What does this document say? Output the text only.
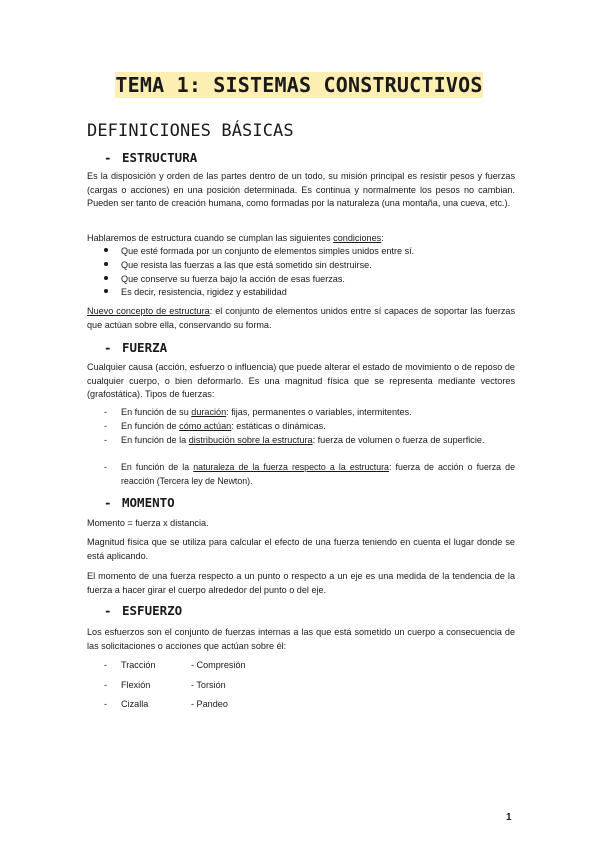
TEMA 1: SISTEMAS CONSTRUCTIVOS
DEFINICIONES BÁSICAS
- ESTRUCTURA

Es la disposición y orden de las partes dentro de un todo, su misión principal es resistir pesos y fuerzas (cargas o acciones) en una posición determinada. Es continua y normalmente los pesos no cambian. Pueden ser tanto de creación humana, como formadas por la naturaleza (una montaña, una cueva, etc.).

Hablaremos de estructura cuando se cumplan las siguientes condiciones:

Que esté formada por un conjunto de elementos simples unidos entre sí.
Que resista las fuerzas a las que está sometido sin destruirse.
Que conserve su fuerza bajo la acción de esas fuerzas.
Es decir, resistencia, rigidez y estabilidad

Nuevo concepto de estructura: el conjunto de elementos unidos entre sí capaces de soportar las fuerzas que actúan sobre ella, conservando su forma.

- FUERZA

Cualquier causa (acción, esfuerzo o influencia) que puede alterar el estado de movimiento o de reposo de cualquier cuerpo, o bien deformarlo. Es una magnitud física que se representa mediante vectores (grafostática). Tipos de fuerzas:

-	En función de su duración: fijas, permanentes o variables, intermitentes.
-	En función de cómo actúan: estáticas o dinámicas.
-	En función de la distribución sobre la estructura: fuerza de volumen o fuerza de superficie.
-	En función de la naturaleza de la fuerza respecto a la estructura: fuerza de acción o fuerza de reacción (Tercera ley de Newton).
- MOMENTO

Momento = fuerza x distancia.

Magnitud física que se utiliza para calcular el efecto de una fuerza teniendo en cuenta el lugar donde se está aplicando.

El momento de una fuerza respecto a un punto o respecto a un eje es una medida de la tendencia de la fuerza a hacer girar el cuerpo alrededor del punto o del eje.

- ESFUERZO

Los esfuerzos son el conjunto de fuerzas internas a las que está sometido un cuerpo a consecuencia de las solicitaciones o acciones que actúan sobre él:

- Tracción	- Compresión
- Flexión	- Torsión
- Cizalla	- Pandeo
1
